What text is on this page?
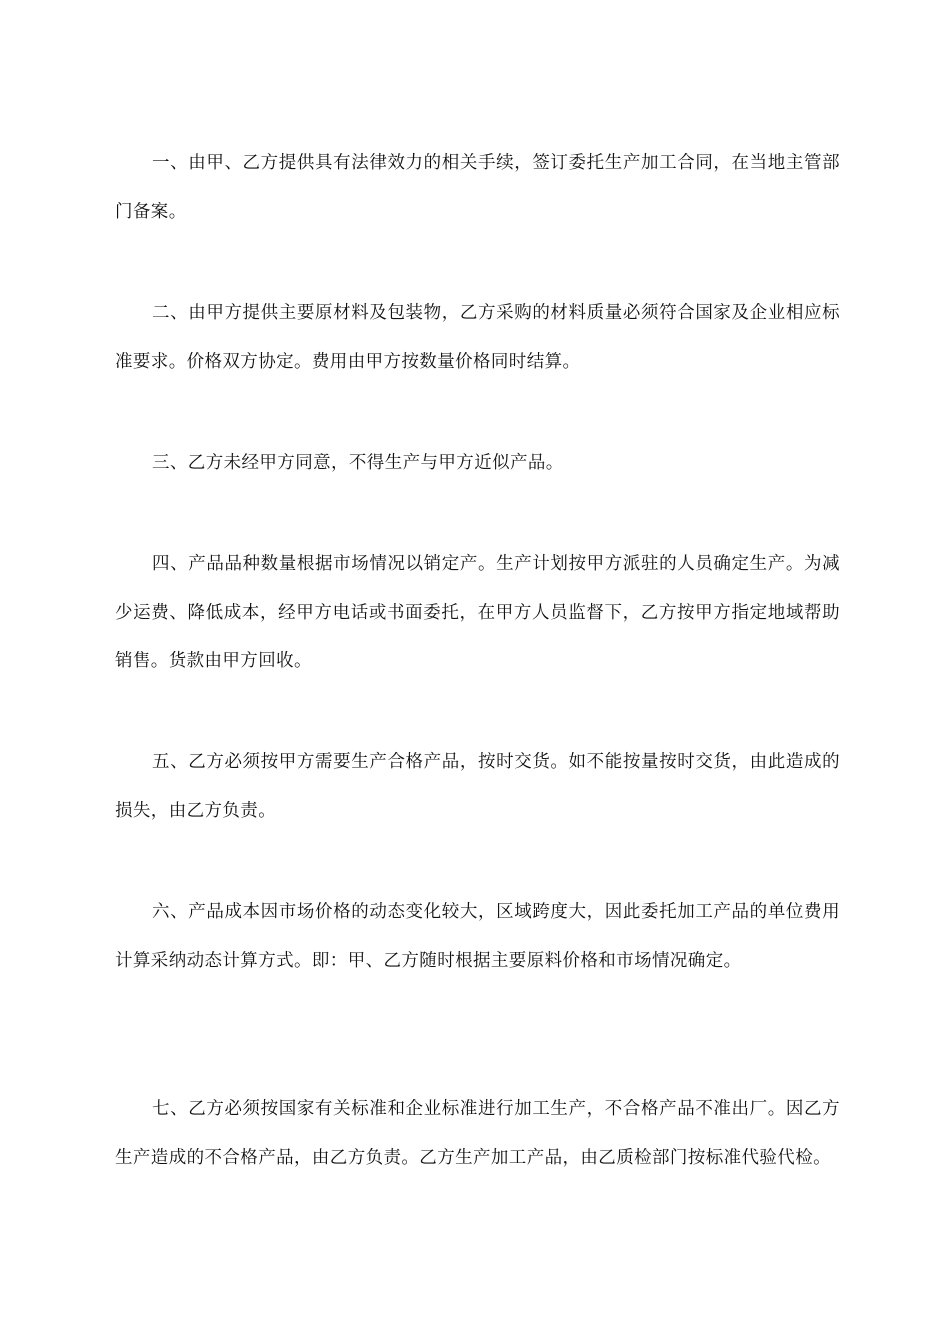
一、由甲、乙方提供具有法律效力的相关手续，签订委托生产加工合同，在当地主管部门备案。

二、由甲方提供主要原材料及包装物，乙方采购的材料质量必须符合国家及企业相应标准要求。价格双方协定。费用由甲方按数量价格同时结算。

三、乙方未经甲方同意，不得生产与甲方近似产品。

四、产品品种数量根据市场情况以销定产。生产计划按甲方派驻的人员确定生产。为减少运费、降低成本，经甲方电话或书面委托，在甲方人员监督下，乙方按甲方指定地域帮助销售。货款由甲方回收。

五、乙方必须按甲方需要生产合格产品，按时交货。如不能按量按时交货，由此造成的损失，由乙方负责。

六、产品成本因市场价格的动态变化较大，区域跨度大，因此委托加工产品的单位费用计算采纳动态计算方式。即：甲、乙方随时根据主要原料价格和市场情况确定。

七、乙方必须按国家有关标准和企业标准进行加工生产，不合格产品不准出厂。因乙方生产造成的不合格产品，由乙方负责。乙方生产加工产品，由乙质检部门按标准代验代检。
